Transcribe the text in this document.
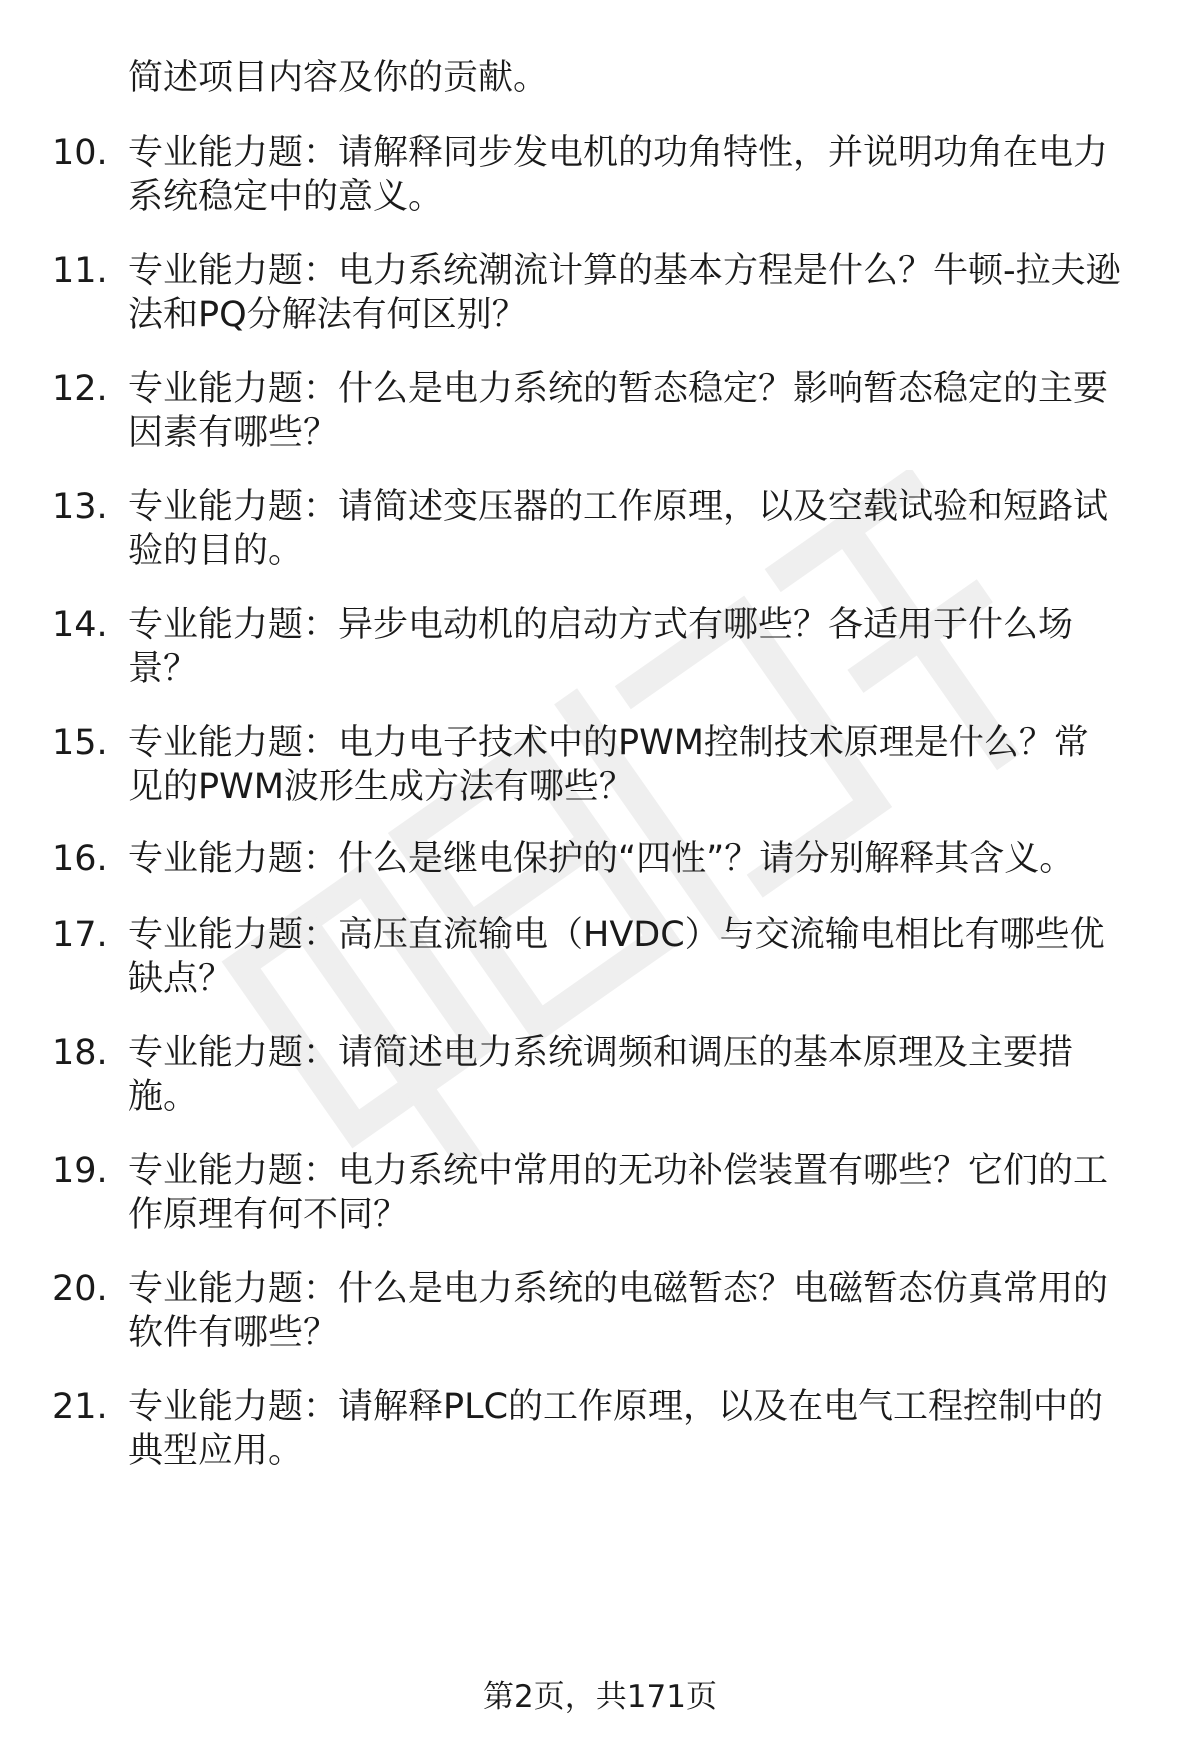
简述项目内容及你的贡献。
10. 专业能力题：请解释同步发电机的功角特性，并说明功角在电力
系统稳定中的意义。
11. 专业能力题：电力系统潮流计算的基本方程是什么？牛顿-拉夫逊
法和PQ分解法有何区别？
12. 专业能力题：什么是电力系统的暂态稳定？影响暂态稳定的主要
因素有哪些？
13. 专业能力题：请简述变压器的工作原理，以及空载试验和短路试
验的目的。
14. 专业能力题：异步电动机的启动方式有哪些？各适用于什么场
景？
15. 专业能力题：电力电子技术中的PWM控制技术原理是什么？常
见的PWM波形生成方法有哪些？
16. 专业能力题：什么是继电保护的“四性”？请分别解释其含义。
17. 专业能力题：高压直流输电（HVDC）与交流输电相比有哪些优
缺点？
18. 专业能力题：请简述电力系统调频和调压的基本原理及主要措
施。
19. 专业能力题：电力系统中常用的无功补偿装置有哪些？它们的工
作原理有何不同？
20. 专业能力题：什么是电力系统的电磁暂态？电磁暂态仿真常用的
软件有哪些？
21. 专业能力题：请解释PLC的工作原理，以及在电气工程控制中的
典型应用。
第2页，共171页
